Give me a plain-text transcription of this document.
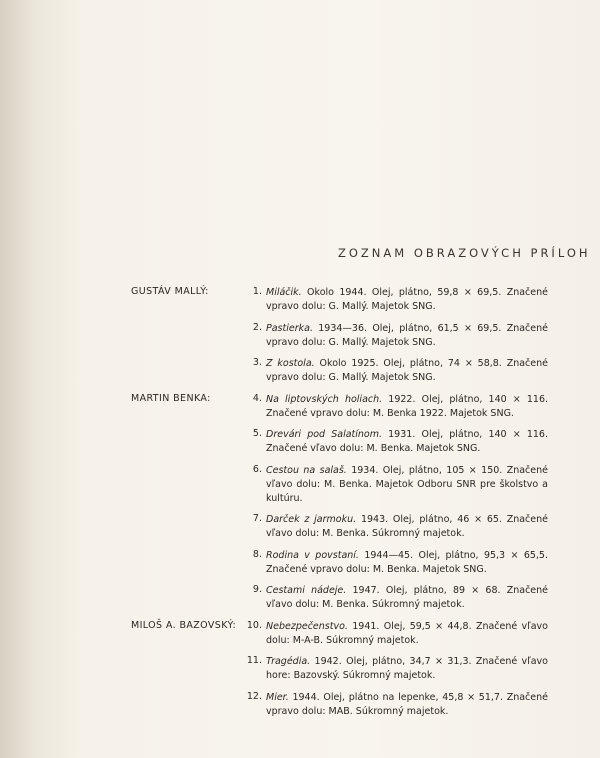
ZOZNAM OBRAZOVÝCH PRÍLOH
GUSTÁV MALLÝ:	1. Miláčik. Okolo 1944. Olej, plátno, 59,8 × 69,5. Značené vpravo dolu: G. Mallý. Majetok SNG.
2. Pastierka. 1934—36. Olej, plátno, 61,5 × 69,5. Značené vpravo dolu: G. Mallý. Majetok SNG.
3. Z kostola. Okolo 1925. Olej, plátno, 74 × 58,8. Značené vpravo dolu: G. Mallý. Majetok SNG.
MARTIN BENKA:	4. Na liptovských holiach. 1922. Olej, plátno, 140 × 116. Značené vpravo dolu: M. Benka 1922. Majetok SNG.
5. Drevári pod Salatínom. 1931. Olej, plátno, 140 × 116. Značené vľavo dolu: M. Benka. Majetok SNG.
6. Cestou na salaš. 1934. Olej, plátno, 105 × 150. Značené vľavo dolu: M. Benka. Majetok Odboru SNR pre školstvo a kultúru.
7. Darček z jarmoku. 1943. Olej, plátno, 46 × 65. Značené vľavo dolu: M. Benka. Súkromný majetok.
8. Rodina v povstaní. 1944—45. Olej, plátno, 95,3 × 65,5. Značené vpravo dolu: M. Benka. Majetok SNG.
9. Cestami nádeje. 1947. Olej, plátno, 89 × 68. Značené vľavo dolu: M. Benka. Súkromný majetok.
MILOŠ A. BAZOVSKÝ:	10. Nebezpečenstvo. 1941. Olej, 59,5 × 44,8. Značené vľavo dolu: M-A-B. Súkromný majetok.
11. Tragédia. 1942. Olej, plátno, 34,7 × 31,3. Značené vľavo hore: Bazovský. Súkromný majetok.
12. Mier. 1944. Olej, plátno na lepenke, 45,8 × 51,7. Značené vpravo dolu: MAB. Súkromný majetok.
